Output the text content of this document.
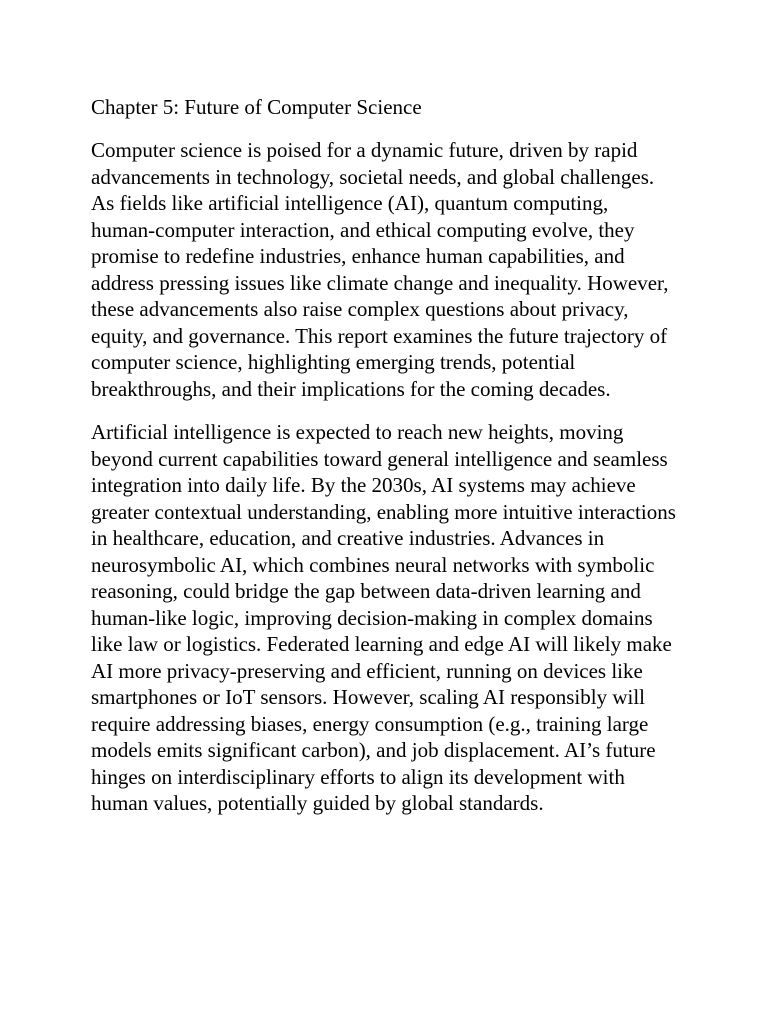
Chapter 5: Future of Computer Science

Computer science is poised for a dynamic future, driven by rapid advancements in technology, societal needs, and global challenges. As fields like artificial intelligence (AI), quantum computing, human-computer interaction, and ethical computing evolve, they promise to redefine industries, enhance human capabilities, and address pressing issues like climate change and inequality. However, these advancements also raise complex questions about privacy, equity, and governance. This report examines the future trajectory of computer science, highlighting emerging trends, potential breakthroughs, and their implications for the coming decades.

Artificial intelligence is expected to reach new heights, moving beyond current capabilities toward general intelligence and seamless integration into daily life. By the 2030s, AI systems may achieve greater contextual understanding, enabling more intuitive interactions in healthcare, education, and creative industries. Advances in neurosymbolic AI, which combines neural networks with symbolic reasoning, could bridge the gap between data-driven learning and human-like logic, improving decision-making in complex domains like law or logistics. Federated learning and edge AI will likely make AI more privacy-preserving and efficient, running on devices like smartphones or IoT sensors. However, scaling AI responsibly will require addressing biases, energy consumption (e.g., training large models emits significant carbon), and job displacement. AI’s future hinges on interdisciplinary efforts to align its development with human values, potentially guided by global standards.
